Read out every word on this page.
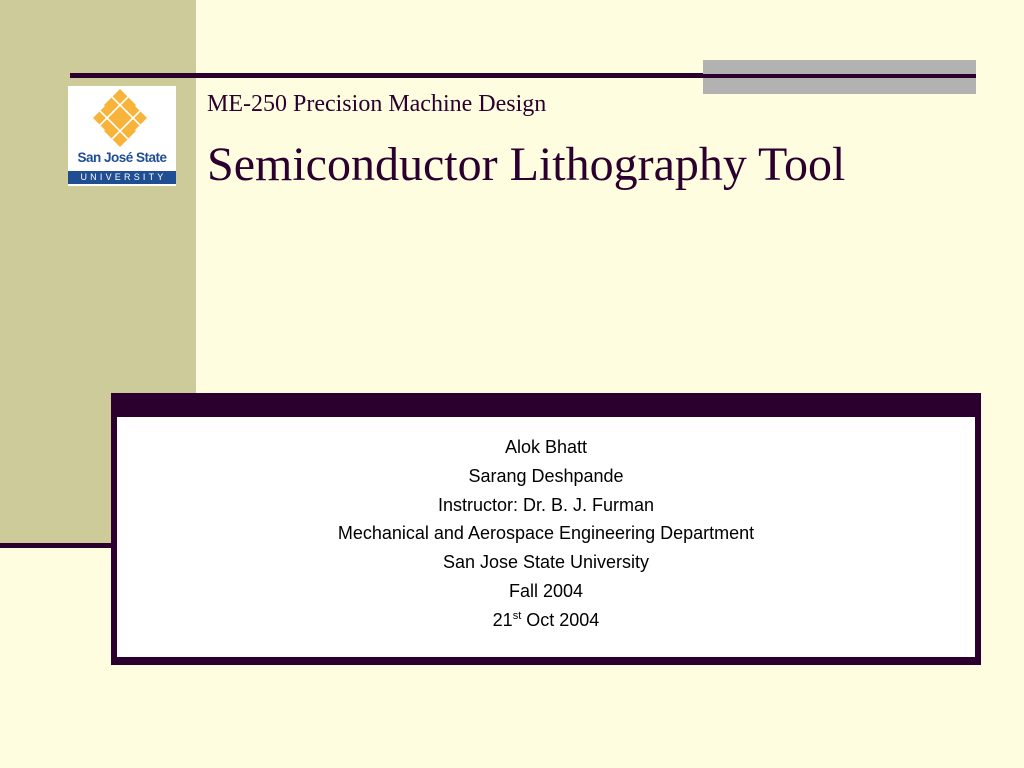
San José State
UNIVERSITY
ME-250 Precision Machine Design
Semiconductor Lithography Tool
Alok Bhatt
Sarang Deshpande
Instructor: Dr. B. J. Furman
Mechanical and Aerospace Engineering Department
San Jose State University
Fall 2004
21st Oct 2004
